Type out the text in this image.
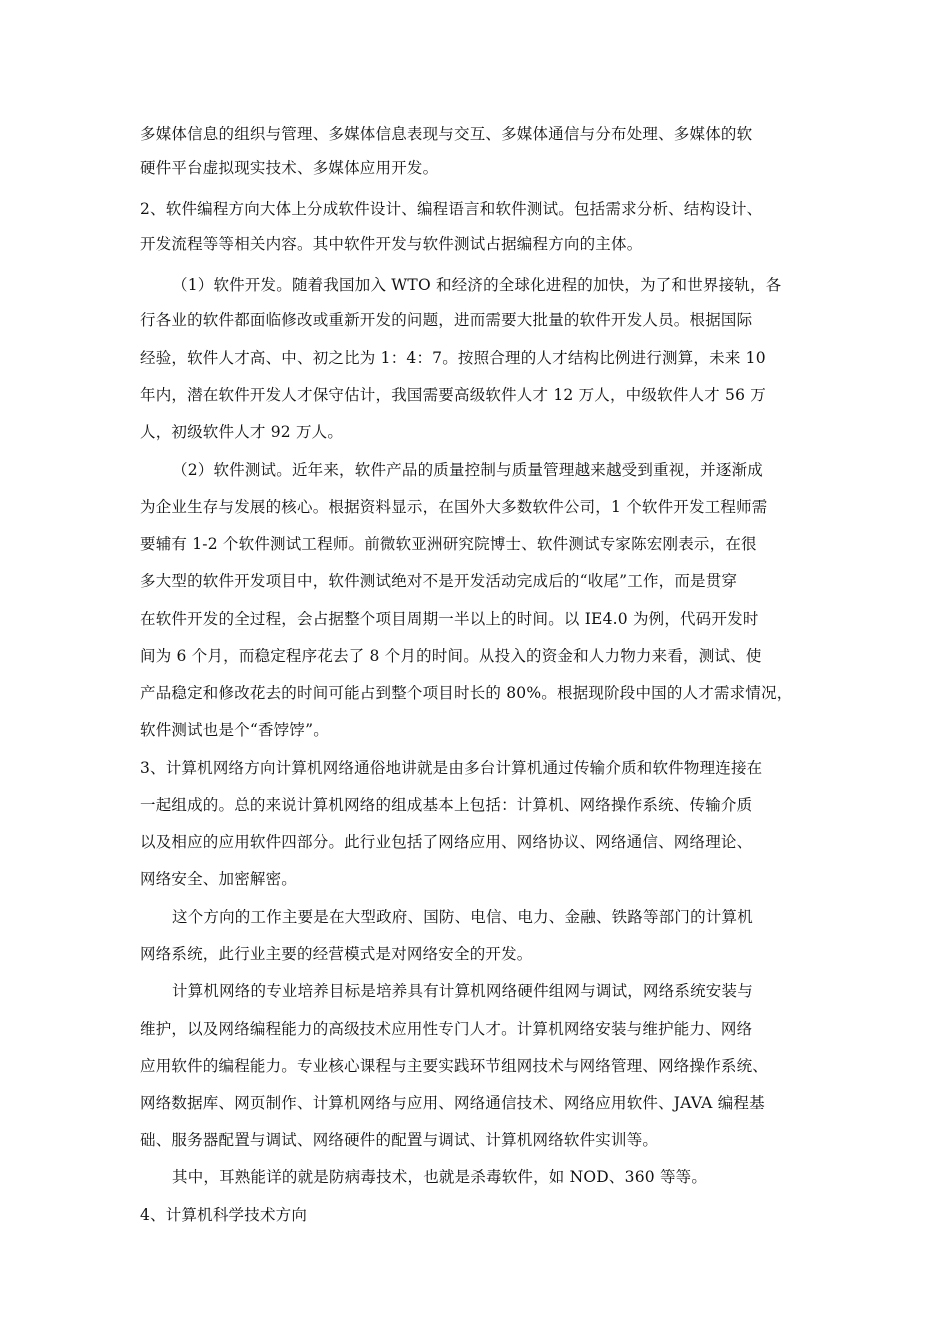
多媒体信息的组织与管理、多媒体信息表现与交互、多媒体通信与分布处理、多媒体的软
硬件平台虚拟现实技术、多媒体应用开发。
2、软件编程方向大体上分成软件设计、编程语言和软件测试。包括需求分析、结构设计、
开发流程等等相关内容。其中软件开发与软件测试占据编程方向的主体。
（1）软件开发。随着我国加入 WTO 和经济的全球化进程的加快，为了和世界接轨，各
行各业的软件都面临修改或重新开发的问题，进而需要大批量的软件开发人员。根据国际
经验，软件人才高、中、初之比为 1：4：7。按照合理的人才结构比例进行测算，未来 10
年内，潜在软件开发人才保守估计，我国需要高级软件人才 12 万人，中级软件人才 56 万
人，初级软件人才 92 万人。
（2）软件测试。近年来，软件产品的质量控制与质量管理越来越受到重视，并逐渐成
为企业生存与发展的核心。根据资料显示，在国外大多数软件公司，1 个软件开发工程师需
要辅有 1-2 个软件测试工程师。前微软亚洲研究院博士、软件测试专家陈宏刚表示，在很
多大型的软件开发项目中，软件测试绝对不是开发活动完成后的“收尾”工作，而是贯穿
在软件开发的全过程，会占据整个项目周期一半以上的时间。以 IE4.0 为例，代码开发时
间为 6 个月，而稳定程序花去了 8 个月的时间。从投入的资金和人力物力来看，测试、使
产品稳定和修改花去的时间可能占到整个项目时长的 80%。根据现阶段中国的人才需求情况，
软件测试也是个“香饽饽”。
3、计算机网络方向计算机网络通俗地讲就是由多台计算机通过传输介质和软件物理连接在
一起组成的。总的来说计算机网络的组成基本上包括：计算机、网络操作系统、传输介质
以及相应的应用软件四部分。此行业包括了网络应用、网络协议、网络通信、网络理论、
网络安全、加密解密。
这个方向的工作主要是在大型政府、国防、电信、电力、金融、铁路等部门的计算机
网络系统，此行业主要的经营模式是对网络安全的开发。
计算机网络的专业培养目标是培养具有计算机网络硬件组网与调试，网络系统安装与
维护，以及网络编程能力的高级技术应用性专门人才。计算机网络安装与维护能力、网络
应用软件的编程能力。专业核心课程与主要实践环节组网技术与网络管理、网络操作系统、
网络数据库、网页制作、计算机网络与应用、网络通信技术、网络应用软件、JAVA 编程基
础、服务器配置与调试、网络硬件的配置与调试、计算机网络软件实训等。
其中，耳熟能详的就是防病毒技术，也就是杀毒软件，如 NOD、360 等等。
4、计算机科学技术方向
